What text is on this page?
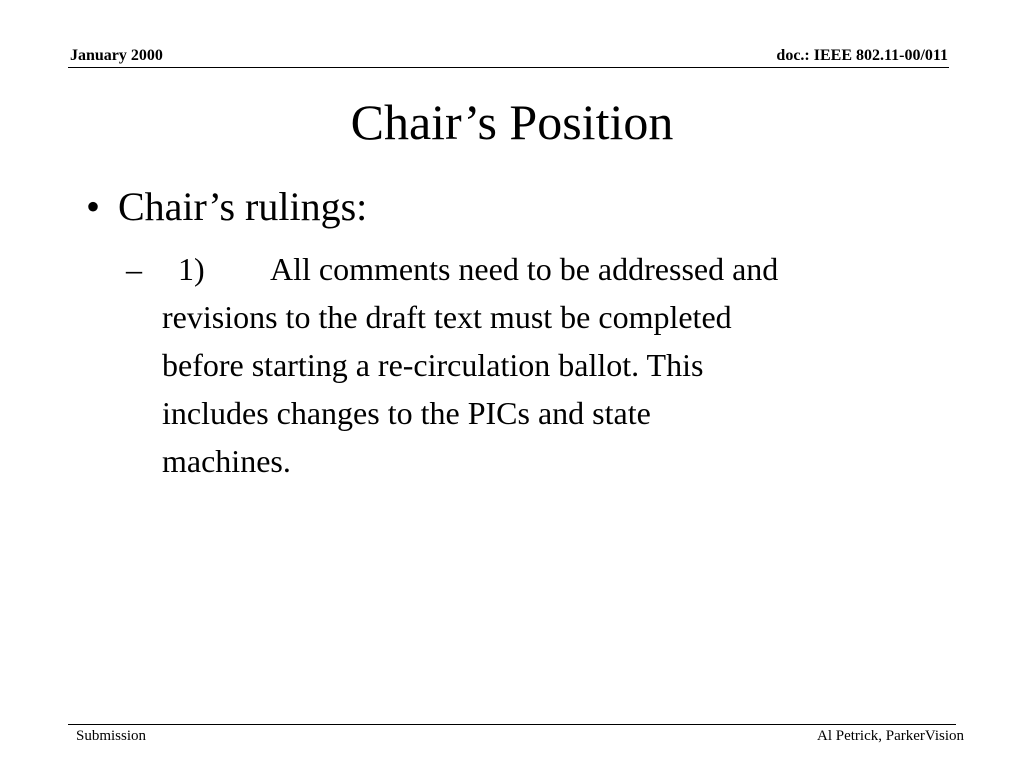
January 2000	doc.: IEEE 802.11-00/011
Chair’s Position
• Chair’s rulings:
– 1) All comments need to be addressed and
revisions to the draft text must be completed
before starting a re-circulation ballot. This
includes changes to the PICs and state
machines.
Submission	Al Petrick, ParkerVision
